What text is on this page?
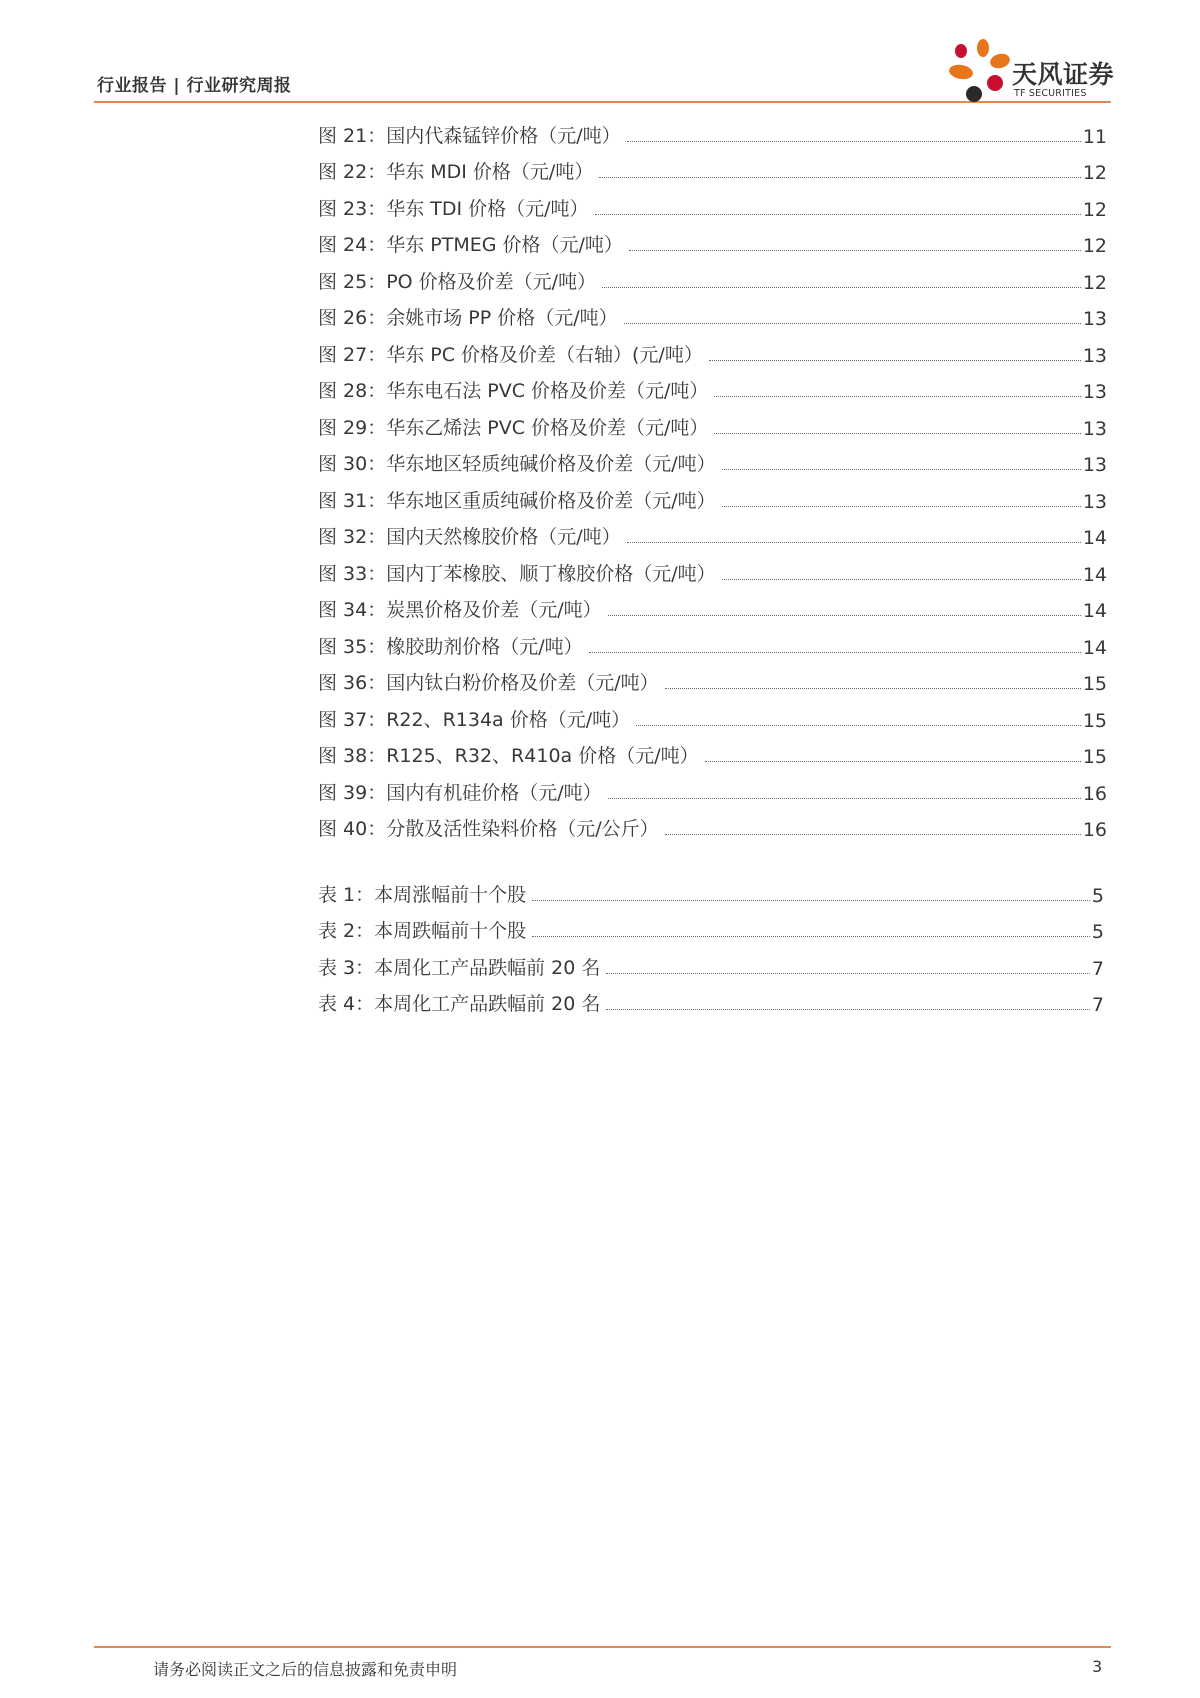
行业报告 | 行业研究周报	天风证券
TF SECURITIES
图 21：国内代森锰锌价格（元/吨）	11
图 22：华东 MDI 价格（元/吨）	12
图 23：华东 TDI 价格（元/吨）	12
图 24：华东 PTMEG 价格（元/吨）	12
图 25：PO 价格及价差（元/吨）	12
图 26：余姚市场 PP 价格（元/吨）	13
图 27：华东 PC 价格及价差（右轴）(元/吨）	13
图 28：华东电石法 PVC 价格及价差（元/吨）	13
图 29：华东乙烯法 PVC 价格及价差（元/吨）	13
图 30：华东地区轻质纯碱价格及价差（元/吨）	13
图 31：华东地区重质纯碱价格及价差（元/吨）	13
图 32：国内天然橡胶价格（元/吨）	14
图 33：国内丁苯橡胶、顺丁橡胶价格（元/吨）	14
图 34：炭黑价格及价差（元/吨）	14
图 35：橡胶助剂价格（元/吨）	14
图 36：国内钛白粉价格及价差（元/吨）	15
图 37：R22、R134a 价格（元/吨）	15
图 38：R125、R32、R410a 价格（元/吨）	15
图 39：国内有机硅价格（元/吨）	16
图 40：分散及活性染料价格（元/公斤）	16
表 1：本周涨幅前十个股	5
表 2：本周跌幅前十个股	5
表 3：本周化工产品跌幅前 20 名	7
表 4：本周化工产品跌幅前 20 名	7
请务必阅读正文之后的信息披露和免责申明	3
